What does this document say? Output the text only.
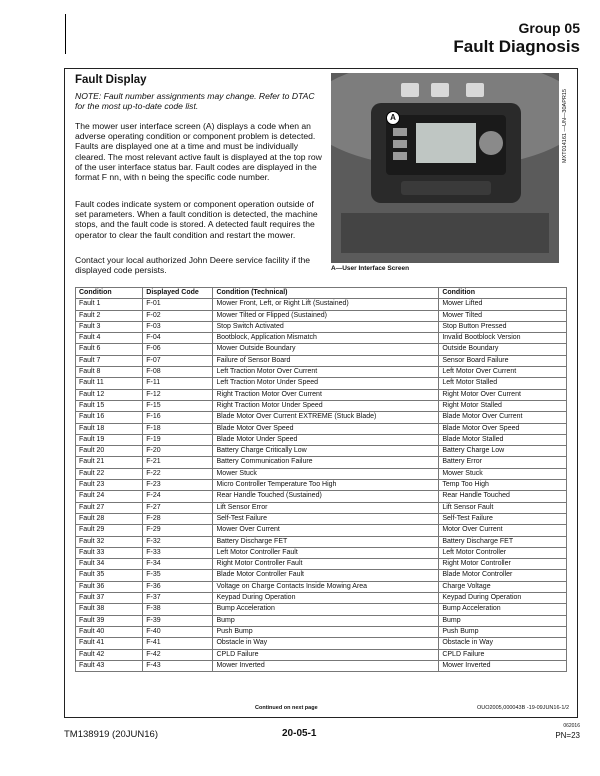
Group 05
Fault Diagnosis
Fault Display
NOTE: Fault number assignments may change. Refer to DTAC for the most up-to-date code list.
The mower user interface screen (A) displays a code when an adverse operating condition or component problem is detected. Faults are displayed one at a time and must be individually cleared. The most relevant active fault is displayed at the top row of the user interface status bar. Fault codes are displayed in the format F nn, with n being the specific code number.
Fault codes indicate system or component operation outside of set parameters. When a fault condition is detected, the machine stops, and the fault code is stored. A detected fault requires the operator to clear the fault condition and restart the mower.
Contact your local authorized John Deere service facility if the displayed code persists.
A	MXT014161 —UN—30APR15
A—User Interface Screen
Condition	Displayed Code	Condition (Technical)	Condition
Fault 1	F-01	Mower Front, Left, or Right Lift (Sustained)	Mower Lifted
Fault 2	F-02	Mower Tilted or Flipped (Sustained)	Mower Tilted
Fault 3	F-03	Stop Switch Activated	Stop Button Pressed
Fault 4	F-04	Bootblock, Application Mismatch	Invalid Bootblock Version
Fault 6	F-06	Mower Outside Boundary	Outside Boundary
Fault 7	F-07	Failure of Sensor Board	Sensor Board Failure
Fault 8	F-08	Left Traction Motor Over Current	Left Motor Over Current
Fault 11	F-11	Left Traction Motor Under Speed	Left Motor Stalled
Fault 12	F-12	Right Traction Motor Over Current	Right Motor Over Current
Fault 15	F-15	Right Traction Motor Under Speed	Right Motor Stalled
Fault 16	F-16	Blade Motor Over Current EXTREME (Stuck Blade)	Blade Motor Over Current
Fault 18	F-18	Blade Motor Over Speed	Blade Motor Over Speed
Fault 19	F-19	Blade Motor Under Speed	Blade Motor Stalled
Fault 20	F-20	Battery Charge Critically Low	Battery Charge Low
Fault 21	F-21	Battery Communication Failure	Battery Error
Fault 22	F-22	Mower Stuck	Mower Stuck
Fault 23	F-23	Micro Controller Temperature Too High	Temp Too High
Fault 24	F-24	Rear Handle Touched (Sustained)	Rear Handle Touched
Fault 27	F-27	Lift Sensor Error	Lift Sensor Fault
Fault 28	F-28	Self-Test Failure	Self-Test Failure
Fault 29	F-29	Mower Over Current	Motor Over Current
Fault 32	F-32	Battery Discharge FET	Battery Discharge FET
Fault 33	F-33	Left Motor Controller Fault	Left Motor Controller
Fault 34	F-34	Right Motor Controller Fault	Right Motor Controller
Fault 35	F-35	Blade Motor Controller Fault	Blade Motor Controller
Fault 36	F-36	Voltage on Charge Contacts Inside Mowing Area	Charge Voltage
Fault 37	F-37	Keypad During Operation	Keypad During Operation
Fault 38	F-38	Bump Acceleration	Bump Acceleration
Fault 39	F-39	Bump	Bump
Fault 40	F-40	Push Bump	Push Bump
Fault 41	F-41	Obstacle in Way	Obstacle in Way
Fault 42	F-42	CPLD Failure	CPLD Failure
Fault 43	F-43	Mower Inverted	Mower Inverted
Continued on next page	OUO2005,000043B -19-09JUN16-1/2
TM138919 (20JUN16)	20-05-1
062016
PN=23
